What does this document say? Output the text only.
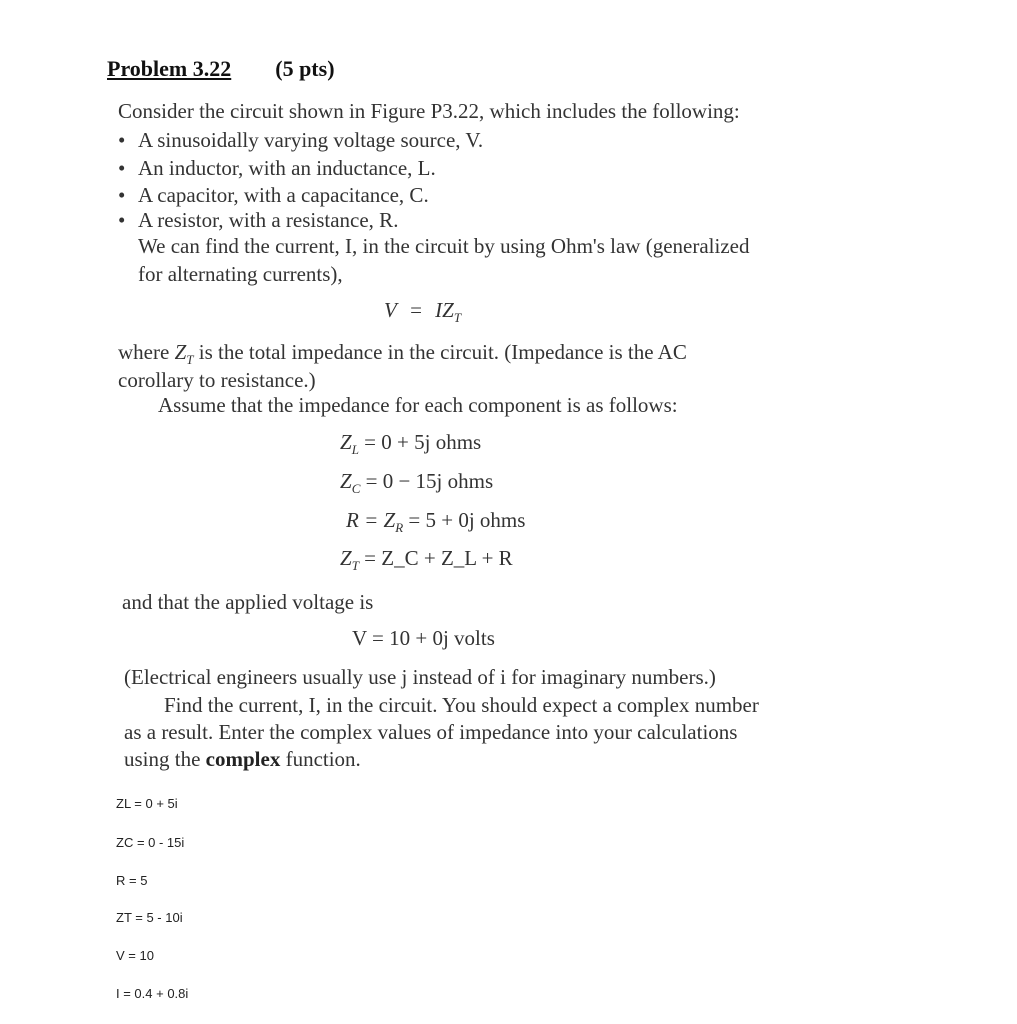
Problem 3.22 (5 pts)
Consider the circuit shown in Figure P3.22, which includes the following:
• A sinusoidally varying voltage source, V.
• An inductor, with an inductance, L.
• A capacitor, with a capacitance, C.
• A resistor, with a resistance, R.
We can find the current, I, in the circuit by using Ohm's law (generalized
for alternating currents),
$V = IZ_T$
where $Z_T$ is the total impedance in the circuit. (Impedance is the AC
corollary to resistance.)
Assume that the impedance for each component is as follows:
$Z_L = 0 + 5j$ ohms
$Z_C = 0 - 15j$ ohms
$R = Z_R = 5 + 0j$ ohms
$Z_T$ = Z_C + Z_L + R
and that the applied voltage is
V = 10 + 0j volts
(Electrical engineers usually use j instead of i for imaginary numbers.)
Find the current, I, in the circuit. You should expect a complex number
as a result. Enter the complex values of impedance into your calculations
using the complex function.
ZL = 0 + 5i
ZC = 0 - 15i
R = 5
ZT = 5 - 10i
V = 10
I = 0.4 + 0.8i
